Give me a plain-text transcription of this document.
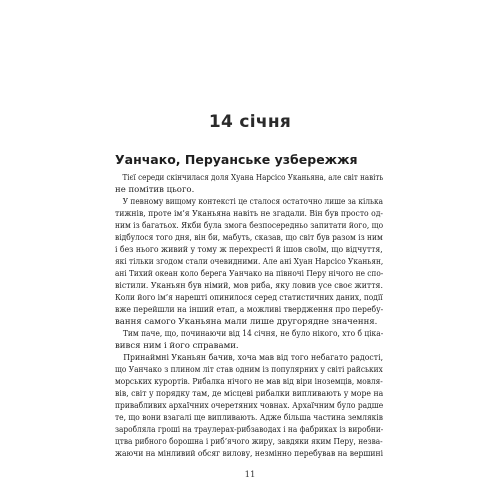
14 січня
Уанчако, Перуанське узбережжя
Тієї середи скінчилася доля Хуана Нарсісо Уканьяна, але світ навіть
не помітив цього.
У певному вищому контексті це сталося остаточно лише за кілька
тижнів, проте ім’я Уканьяна навіть не згадали. Він був просто од-
ним із багатьох. Якби була змога безпосередньо запитати його, що
відбулося того дня, він би, мабуть, сказав, що світ був разом із ним
і без нього живий у тому ж перехресті й ішов своїм, що відчуття,
які тільки згодом стали очевидними. Але ані Хуан Нарсісо Уканьян,
ані Тихий океан коло берега Уанчако на півночі Перу нічого не спо-
вістили. Уканьян був німий, мов риба, яку ловив усе своє життя.
Коли його ім’я нарешті опинилося серед статистичних даних, події
вже перейшли на інший етап, а можливі твердження про перебу-
вання самого Уканьяна мали лише другорядне значення.
Тим паче, що, починаючи від 14 січня, не було нікого, хто б ціка-
вився ним і його справами.
Принаймні Уканьян бачив, хоча мав від того небагато радості,
що Уанчако з плином літ став одним із популярних у світі райських
морських курортів. Рибалка нічого не мав від віри іноземців, мовля-
вів, світ у порядку там, де місцеві рибалки випливають у море на
привабливих архаїчних очеретяних човнах. Архаїчним було радше
те, що вони взагалі ще випливають. Адже більша частина земляків
заробляла гроші на траулерах-рибзаводах і на фабриках із виробни-
цтва рибного борошна і риб’ячого жиру, завдяки яким Перу, незва-
жаючи на мінливий обсяг вилову, незмінно перебував на вершині
11
